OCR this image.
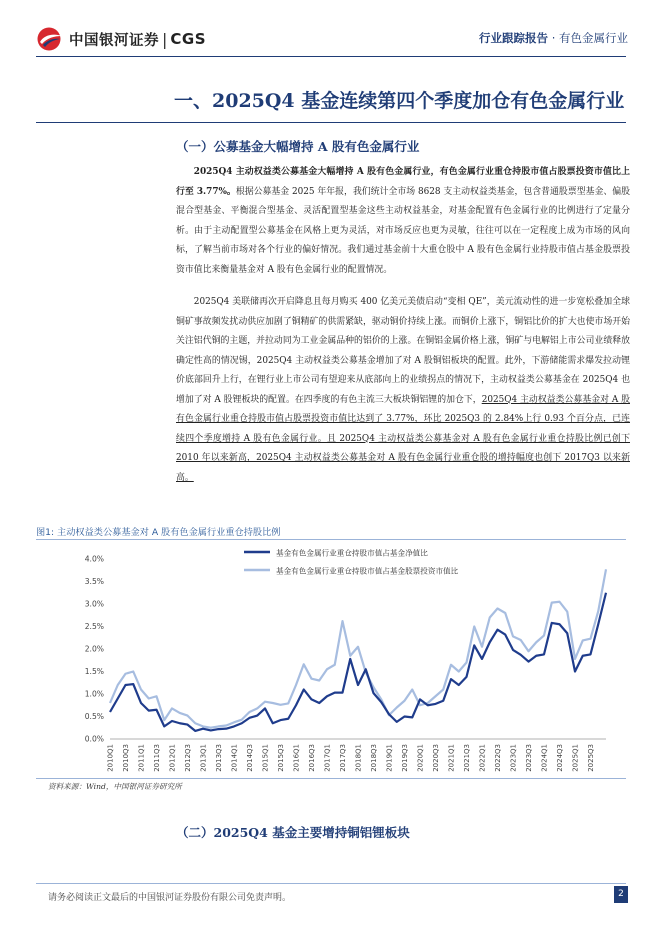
中国银河证券 | CGS	行业跟踪报告 · 有色金属行业
一、2025Q4 基金连续第四个季度加仓有色金属行业
（一）公募基金大幅增持 A 股有色金属行业

2025Q4 主动权益类公募基金大幅增持 A 股有色金属行业，有色金属行业重仓持股市值占股票投资市值比上行至 3.77%。根据公募基金 2025 年年报，我们统计全市场 8628 支主动权益类基金，包含普通股票型基金、偏股混合型基金、平衡混合型基金、灵活配置型基金这些主动权益基金，对基金配置有色金属行业的比例进行了定量分析。由于主动配置型公募基金在风格上更为灵活，对市场反应也更为灵敏，往往可以在一定程度上成为市场的风向标，了解当前市场对各个行业的偏好情况。我们通过基金前十大重仓股中 A 股有色金属行业持股市值占基金股票投资市值比来衡量基金对 A 股有色金属行业的配置情况。

2025Q4 美联储再次开启降息且每月购买 400 亿美元美债启动“变相 QE”，美元流动性的进一步宽松叠加全球铜矿事故频发扰动供应加剧了铜精矿的供需紧缺，驱动铜价持续上涨。而铜价上涨下，铜铝比价的扩大也使市场开始关注铝代铜的主题，并拉动同为工业金属品种的铝价的上涨。在铜铝金属价格上涨，铜矿与电解铝上市公司业绩释放确定性高的情况锡，2025Q4 主动权益类公募基金增加了对 A 股铜铝板块的配置。此外，下游储能需求爆发拉动锂价底部回升上行，在锂行业上市公司有望迎来从底部向上的业绩拐点的情况下，主动权益类公募基金在 2025Q4 也增加了对 A 股锂板块的配置。在四季度的有色主流三大板块铜铝锂的加仓下，2025Q4 主动权益类公募基金对 A 股有色金属行业重仓持股市值占股票投资市值比达到了 3.77%，环比 2025Q3 的 2.84%上行 0.93 个百分点，已连续四个季度增持 A 股有色金属行业。且 2025Q4 主动权益类公募基金对 A 股有色金属行业重仓持股比例已创下 2010 年以来新高，2025Q4 主动权益类公募基金对 A 股有色金属行业重仓股的增持幅度也创下 2017Q3 以来新高。

图1: 主动权益类公募基金对 A 股有色金属行业重仓持股比例
基金有色金属行业重仓持股市值占基金净值比
基金有色金属行业重仓持股市值占基金股票投资市值比
4.0%
3.5%
3.0%
2.5%
2.0%
1.5%
1.0%
0.5%
0.0%
2010Q1 2010Q3 2011Q1 2011Q3 2012Q1 2012Q3 2013Q1 2013Q3 2014Q1 2014Q3 2015Q1 2015Q3 2016Q1 2016Q3 2017Q1 2017Q3 2018Q1 2018Q3 2019Q1 2019Q3 2020Q1 2020Q3 2021Q1 2021Q3 2022Q1 2022Q3 2023Q1 2023Q3 2024Q1 2024Q3 2025Q1 2025Q3
资料来源：Wind，中国银河证券研究所
（二）2025Q4 基金主要增持铜铝锂板块
请务必阅读正文最后的中国银河证券股份有限公司免责声明。	2
